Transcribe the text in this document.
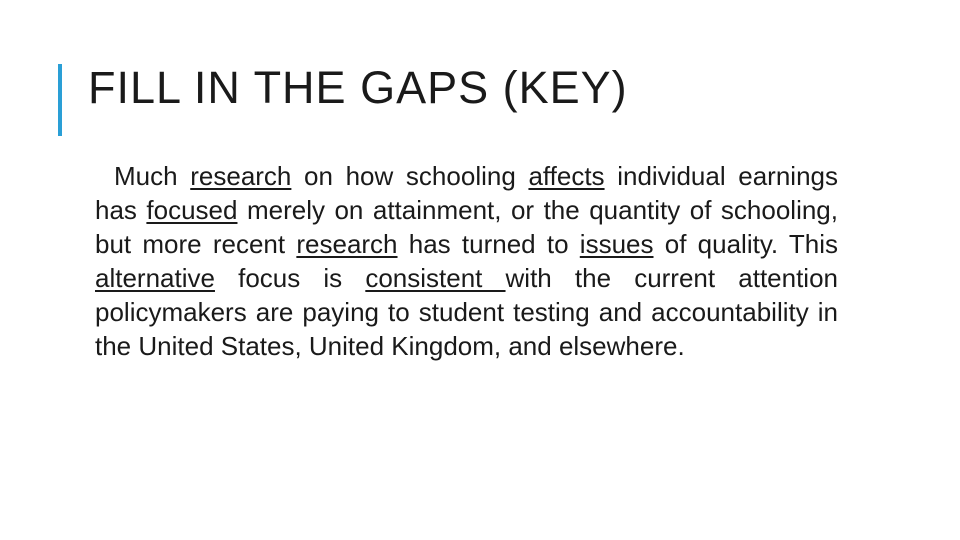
FILL IN THE GAPS (KEY)

Much research on how schooling affects individual earnings has focused merely on attainment, or the quantity of schooling, but more recent research has turned to issues of quality. This alternative focus is consistent with the current attention policymakers are paying to student testing and accountability in the United States, United Kingdom, and elsewhere.
